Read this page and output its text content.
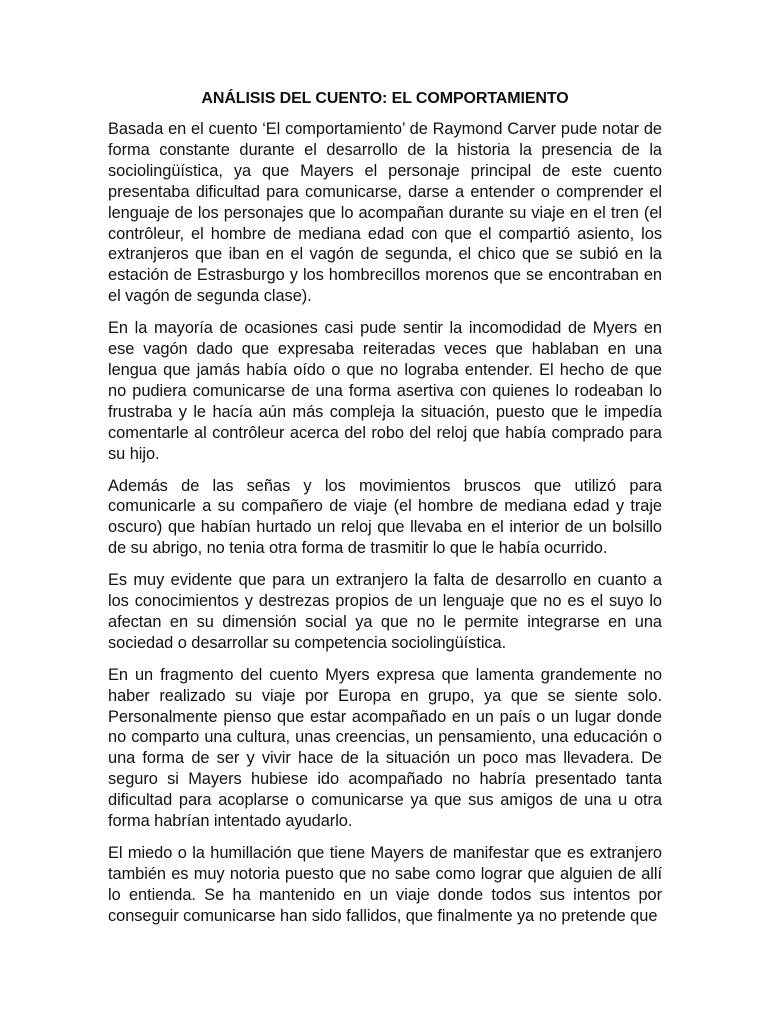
ANÁLISIS DEL CUENTO: EL COMPORTAMIENTO

Basada en el cuento ‘El comportamiento’ de Raymond Carver pude notar de forma constante durante el desarrollo de la historia la presencia de la sociolingüística, ya que Mayers el personaje principal de este cuento presentaba dificultad para comunicarse, darse a entender o comprender el lenguaje de los personajes que lo acompañan durante su viaje en el tren (el contrôleur, el hombre de mediana edad con que el compartió asiento, los extranjeros que iban en el vagón de segunda, el chico que se subió en la estación de Estrasburgo y los hombrecillos morenos que se encontraban en el vagón de segunda clase).

En la mayoría de ocasiones casi pude sentir la incomodidad de Myers en ese vagón dado que expresaba reiteradas veces que hablaban en una lengua que jamás había oído o que no lograba entender. El hecho de que no pudiera comunicarse de una forma asertiva con quienes lo rodeaban lo frustraba y le hacía aún más compleja la situación, puesto que le impedía comentarle al contrôleur acerca del robo del reloj que había comprado para su hijo.

Además de las señas y los movimientos bruscos que utilizó para comunicarle a su compañero de viaje (el hombre de mediana edad y traje oscuro) que habían hurtado un reloj que llevaba en el interior de un bolsillo de su abrigo, no tenia otra forma de trasmitir lo que le había ocurrido.

Es muy evidente que para un extranjero la falta de desarrollo en cuanto a los conocimientos y destrezas propios de un lenguaje que no es el suyo lo afectan en su dimensión social ya que no le permite integrarse en una sociedad o desarrollar su competencia sociolingüística.

En un fragmento del cuento Myers expresa que lamenta grandemente no haber realizado su viaje por Europa en grupo, ya que se siente solo. Personalmente pienso que estar acompañado en un país o un lugar donde no comparto una cultura, unas creencias, un pensamiento, una educación o una forma de ser y vivir hace de la situación un poco mas llevadera. De seguro si Mayers hubiese ido acompañado no habría presentado tanta dificultad para acoplarse o comunicarse ya que sus amigos de una u otra forma habrían intentado ayudarlo.

El miedo o la humillación que tiene Mayers de manifestar que es extranjero también es muy notoria puesto que no sabe como lograr que alguien de allí lo entienda. Se ha mantenido en un viaje donde todos sus intentos por conseguir comunicarse han sido fallidos, que finalmente ya no pretende que
